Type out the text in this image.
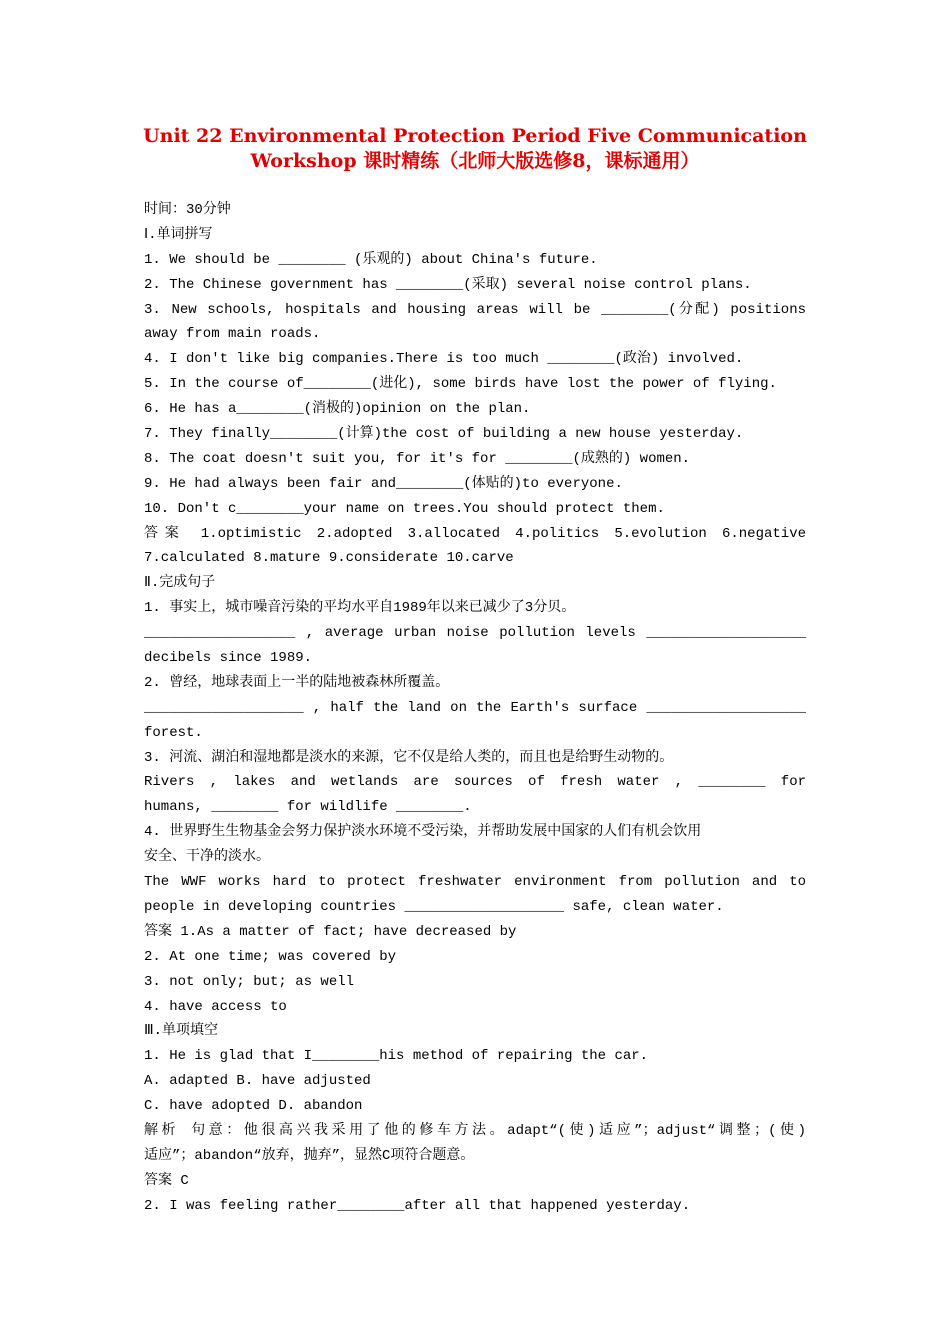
Unit 22 Environmental Protection Period Five Communication
Workshop 课时精练（北师大版选修8，课标通用）
时间：30分钟
Ⅰ.单词拼写
1. We should be ________ (乐观的) about China's future.
2. The Chinese government has ________(采取) several noise control plans.
3. New schools, hospitals and housing areas will be ________(分配) positions
away from main roads.
4. I don't like big companies.There is too much ________(政治) involved.
5. In the course of________(进化), some birds have lost the power of flying.
6. He has a________(消极的)opinion on the plan.
7. They finally________(计算)the cost of building a new house yesterday.
8. The coat doesn't suit you, for it's for ________(成熟的) women.
9. He had always been fair and________(体贴的)to everyone.
10. Don't c________your name on trees.You should protect them.
答案 1.optimistic 2.adopted 3.allocated 4.politics 5.evolution 6.negative
7.calculated 8.mature 9.considerate 10.carve
Ⅱ.完成句子
1. 事实上，城市噪音污染的平均水平自1989年以来已减少了3分贝。
__________________ , average urban noise pollution levels ___________________
decibels since 1989.
2. 曾经，地球表面上一半的陆地被森林所覆盖。
___________________ , half the land on the Earth's surface ___________________
forest.
3. 河流、湖泊和湿地都是淡水的来源，它不仅是给人类的，而且也是给野生动物的。
Rivers , lakes and wetlands are sources of fresh water , ________ for
humans, ________ for wildlife ________.
4. 世界野生生物基金会努力保护淡水环境不受污染，并帮助发展中国家的人们有机会饮用
安全、干净的淡水。
The WWF works hard to protect freshwater environment from pollution and to
people in developing countries ___________________ safe, clean water.
答案 1.As a matter of fact; have decreased by
2. At one time; was covered by
3. not only; but; as well
4. have access to
Ⅲ.单项填空
1. He is glad that I________his method of repairing the car.
A. adapted B. have adjusted
C. have adopted D. abandon
解析 句意：他很高兴我采用了他的修车方法。adapt“(使)适应”；adjust“调整；(使)
适应”；abandon“放弃，抛弃”，显然C项符合题意。
答案 C
2. I was feeling rather________after all that happened yesterday.
